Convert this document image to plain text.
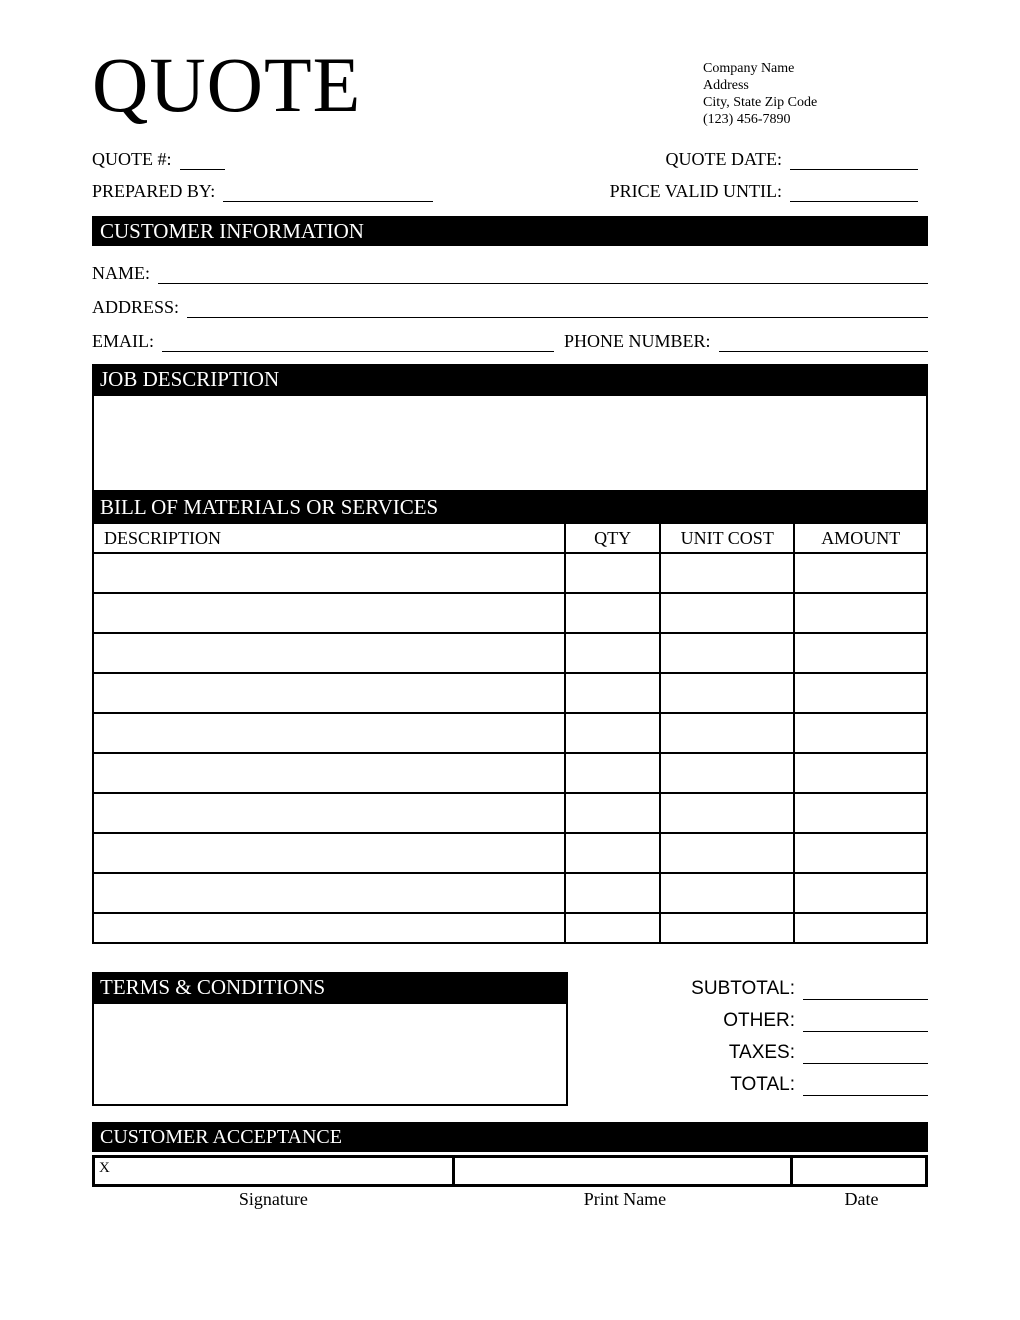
QUOTE	Company Name
Address
City, State Zip Code
(123) 456-7890
QUOTE #:	QUOTE DATE:
PREPARED BY:	PRICE VALID UNTIL:
CUSTOMER INFORMATION
NAME:
ADDRESS:
EMAIL:	PHONE NUMBER:
JOB DESCRIPTION
BILL OF MATERIALS OR SERVICES
DESCRIPTION	QTY	UNIT COST	AMOUNT

TERMS & CONDITIONS	SUBTOTAL:
OTHER:
TAXES:
TOTAL:
CUSTOMER ACCEPTANCE
X
Signature	Print Name	Date
